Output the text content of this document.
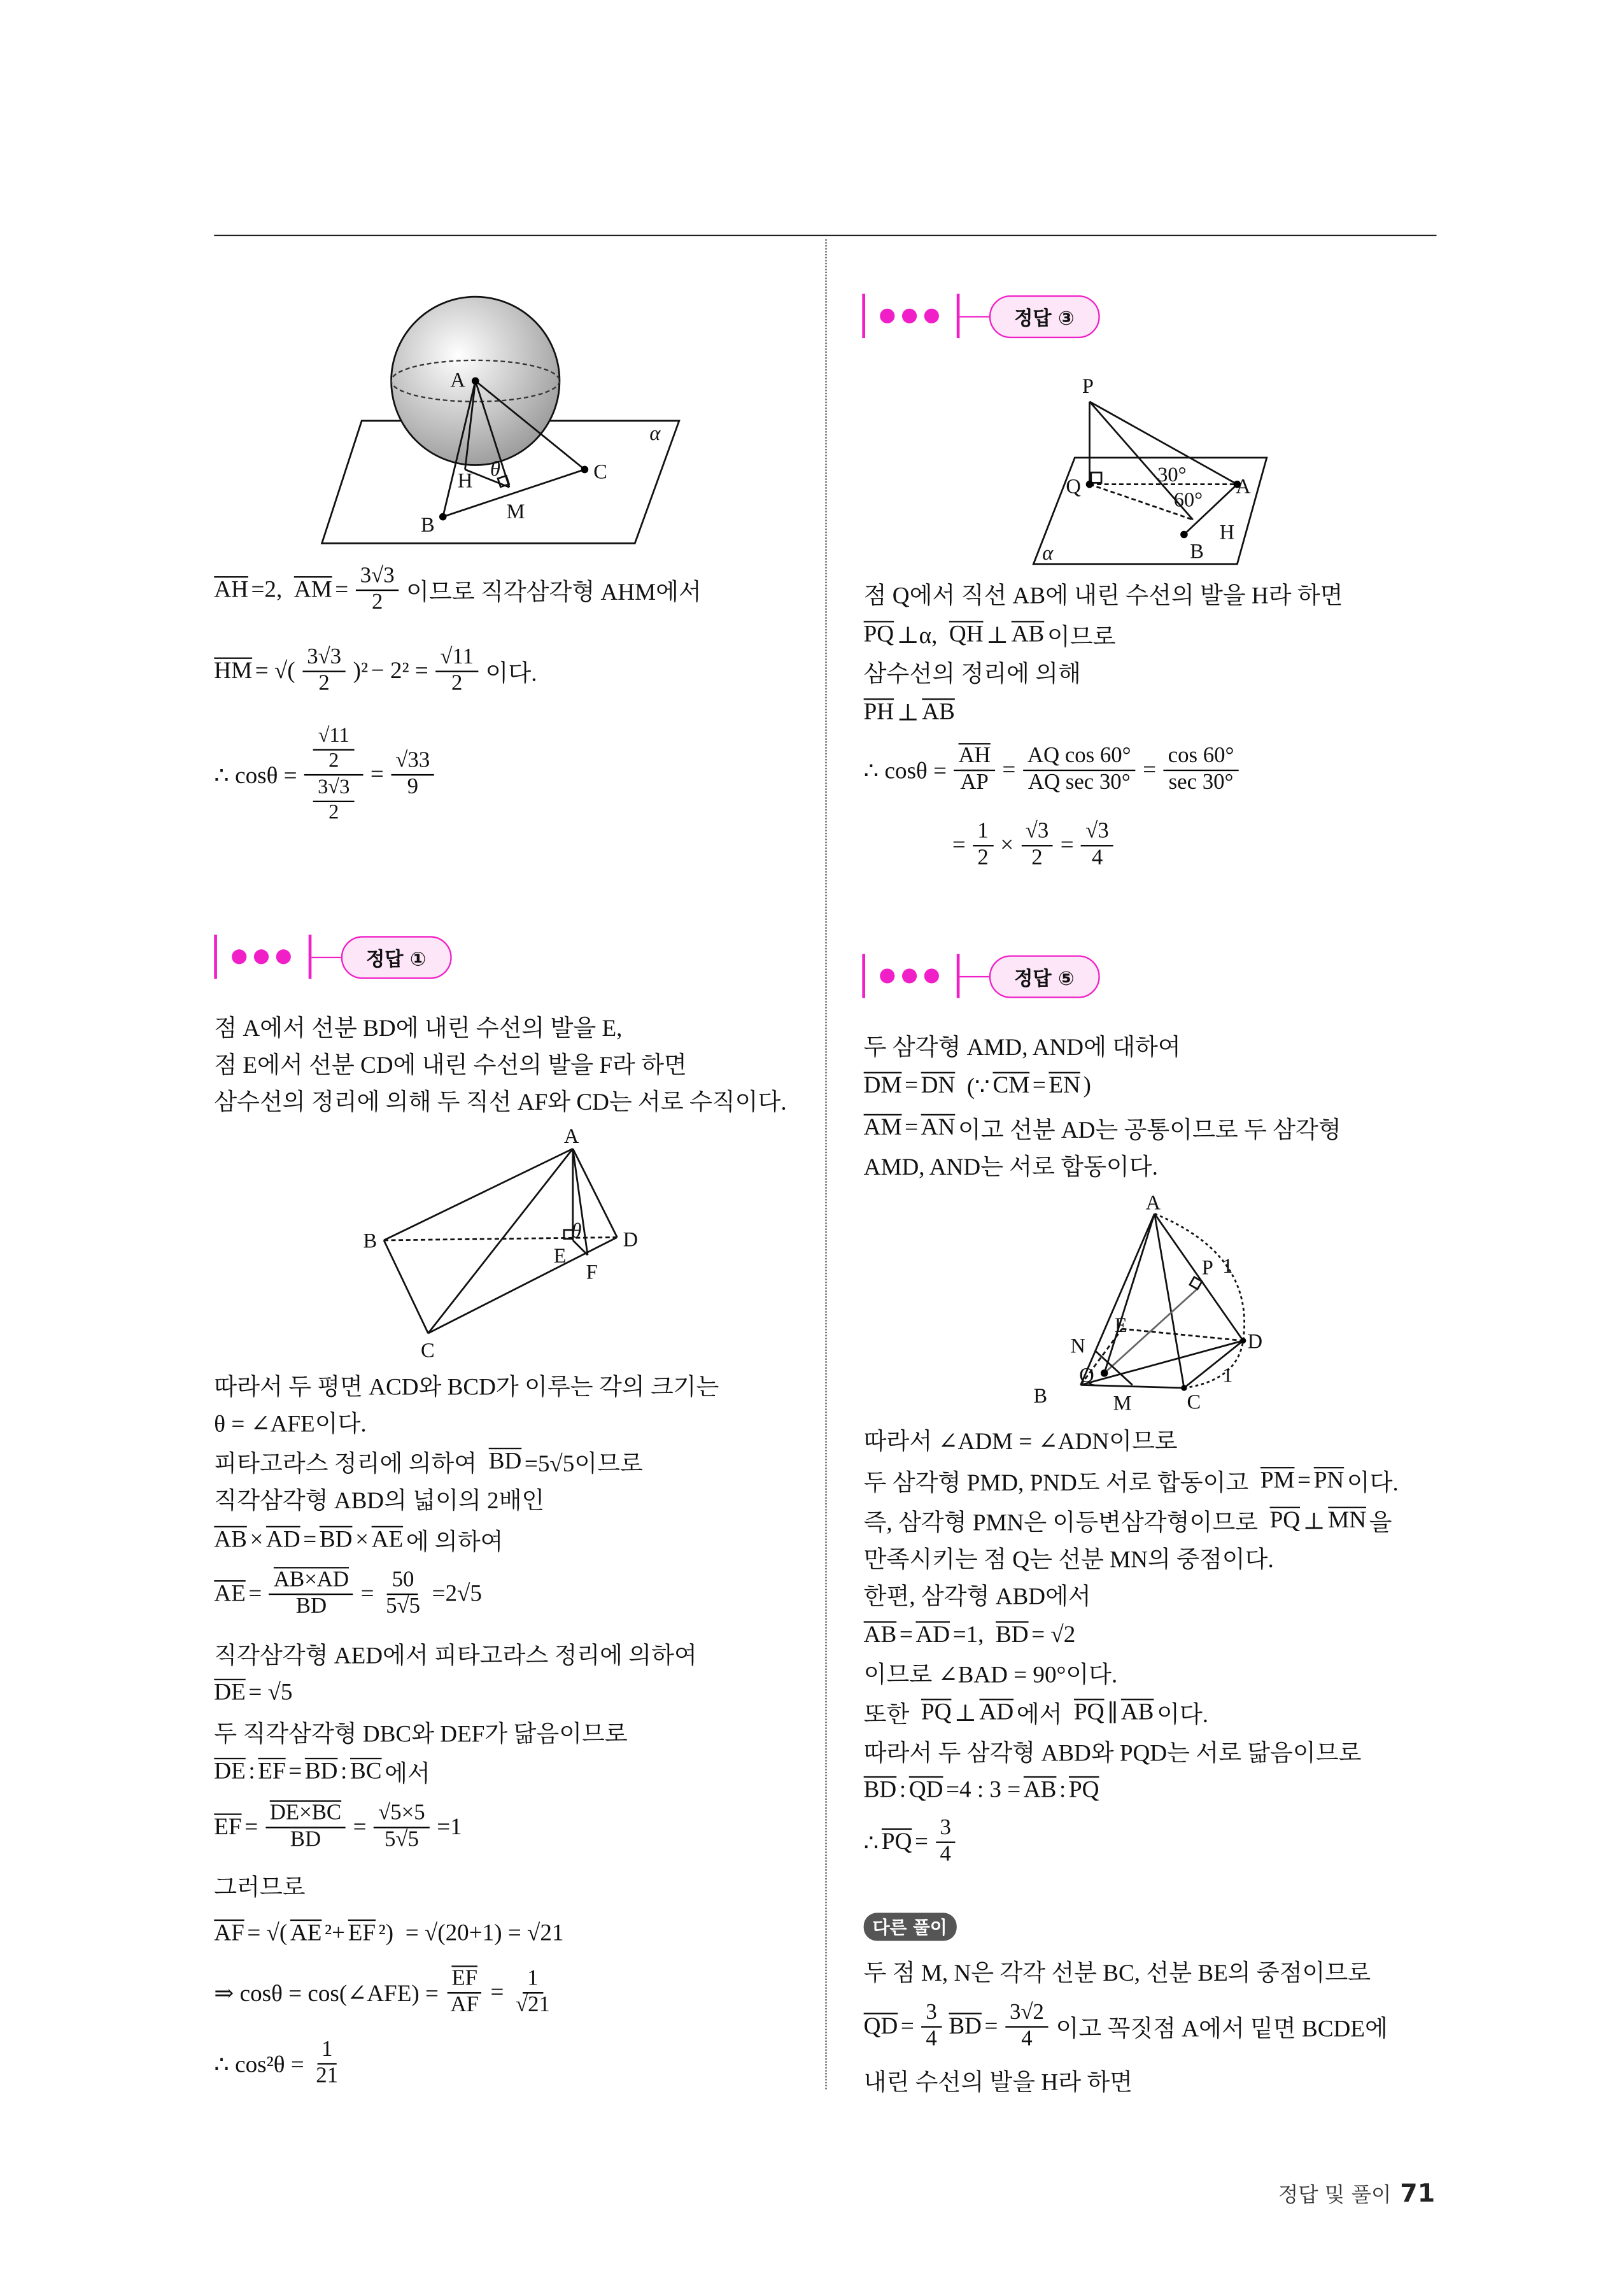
A
H
B
M
C
θ
α
$\overline{AH} =2$,
$\overline{AM} = \frac{3√3}{2}$ 이므로 직각삼각형 AHM에서
$\overline{HM}$ = √( $\frac{3√3}{2} )^2 - 2^2 = \frac{√11}{2}$ 이다.
∴ $\cos\theta = \frac{\frac{√11}{2}}{\frac{3√3}{2}} = \frac{√33}{9}$
정답 ①
점 A에서 선분 BD에 내린 수선의 발을 E,
점 E에서 선분 CD에 내린 수선의 발을 F라 하면
삼수선의 정리에 의해 두 직선 AF와 CD는 서로 수직이다.
A
B
C
D
E
F
θ
따라서 두 평면 ACD와 BCD가 이루는 각의 크기는
θ = ∠AFE이다.
피타고라스 정리에 의하여
$\overline{BD} =5√5$이므로
직각삼각형 ABD의 넓이의 2배인
$\overline{AB} \times \overline{AD} = \overline{BD} \times \overline{AE}$ 에 의하여
$\overline{AE} = \frac{AB\times AD}{BD} = \frac{50}{5√5} =2√5$
직각삼각형 AED에서 피타고라스 정리에 의하여
$\overline{DE} = √5$
두 직각삼각형 DBC와 DEF가 닮음이므로
$\overline{DE}$ : $\overline{EF} = \overline{BD}$ : $\overline{BC}$ 에서
$\overline{EF} = \frac{DE\times BC}{BD} = \frac{√5\times 5}{5√5} =1$
그러므로
$\overline{AF}$ = √( $\overline{AE}$ $^2+ \overline{EF}$ ²)
= √(20+1) = √21
⇒ cosθ = cos(∠AFE) = $\frac{\overline{EF}}{AF} = \frac{1}{√21}$
∴ $\cos^2\theta = \frac{1}{21}$
정답 ③
P
Q	A
H
B
30°
60°
α
점 Q에서 직선 AB에 내린 수선의 발을 H라 하면
$\overline{PQ}$ ⊥α,
$\overline{QH}$ ⊥ $\overline{AB}$ 이므로
삼수선의 정리에 의해
$\overline{PH}$ ⊥ $\overline{AB}$
∴ $\cos\theta = \frac{\overline{AH}}{AP} = \frac{\text{AQ cos 60°}}{\text{AQ sec 30°}} = \frac{\cos 60^\circ}{\sec 30^\circ}$
= $\frac{1}{2} \times \frac{√3}{2} = \frac{√3}{4}$
정답 ⑤
두 삼각형 AMD, AND에 대하여
$\overline{DM} = \overline{DN}$
(∵ $\overline{CM} = \overline{EN}$ )
$\overline{AM} = \overline{AN}$ 이고 선분 AD는 공통이므로 두 삼각형
AMD, AND는 서로 합동이다.
A
B	C
D
E
N
Q
M
P 1
1
따라서 ∠ADM = ∠ADN이므로
두 삼각형 PMD, PND도 서로 합동이고
$\overline{PM} = \overline{PN}$ 이다.
즉, 삼각형 PMN은 이등변삼각형이므로
$\overline{PQ}$ ⊥ $\overline{MN}$ 을
만족시키는 점 Q는 선분 MN의 중점이다.
한편, 삼각형 ABD에서
$\overline{AB} = \overline{AD} =1$,
$\overline{BD} = √2$
이므로 ∠BAD = 90°이다.
또한
$\overline{PQ}$ ⊥ $\overline{AD}$ 에서
$\overline{PQ}$ ∥ $\overline{AB}$ 이다.
따라서 두 삼각형 ABD와 PQD는 서로 닮음이므로
$\overline{BD}$ : $\overline{QD} =4$ : $3 = \overline{AB}$ : $\overline{PQ}$
∴ $\overline{PQ} = \frac{3}{4}$
다른 풀이
두 점 M, N은 각각 선분 BC, 선분 BE의 중점이므로
$\overline{QD} = \frac{3}{4} \overline{BD} = \frac{3√2}{4}$ 이고 꼭짓점 A에서 밑면 BCDE에
내린 수선의 발을 H라 하면
정답 및 풀이 71
